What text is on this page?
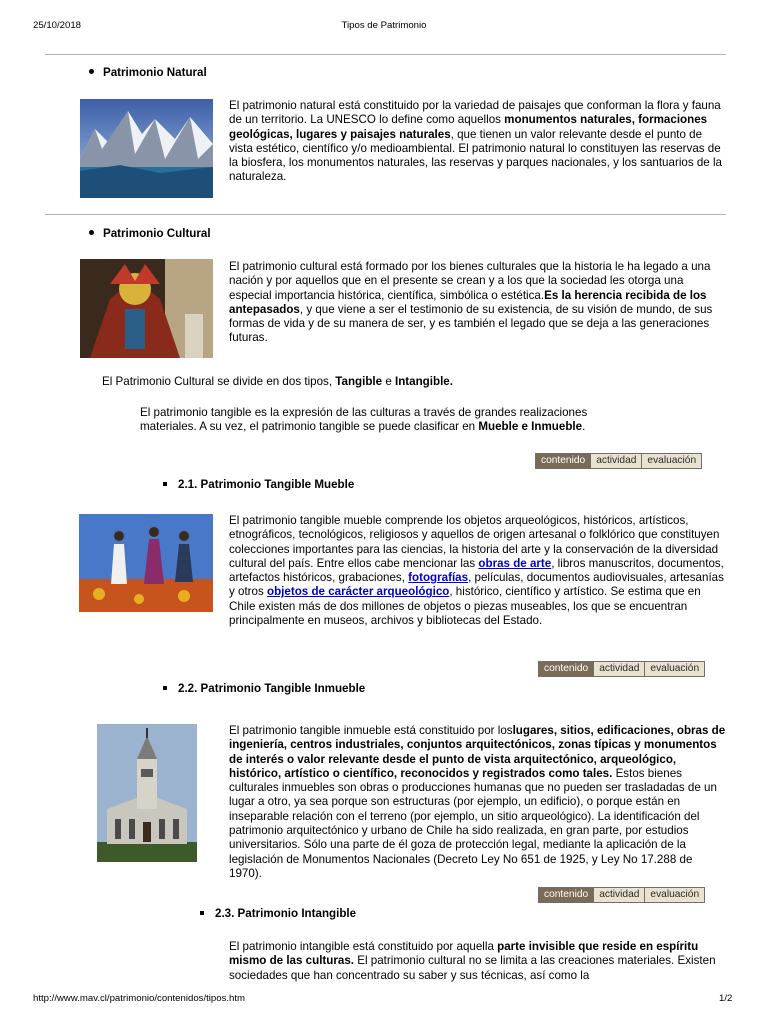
25/10/2018	Tipos de Patrimonio
Patrimonio Natural
El patrimonio natural está constituido por la variedad de paisajes que conforman la flora y fauna de un territorio. La UNESCO lo define como aquellos monumentos naturales, formaciones geológicas, lugares y paisajes naturales, que tienen un valor relevante desde el punto de vista estético, científico y/o medioambiental. El patrimonio natural lo constituyen las reservas de la biosfera, los monumentos naturales, las reservas y parques nacionales, y los santuarios de la naturaleza.
Patrimonio Cultural
El patrimonio cultural está formado por los bienes culturales que la historia le ha legado a una nación y por aquellos que en el presente se crean y a los que la sociedad les otorga una especial importancia histórica, científica, simbólica o estética.Es la herencia recibida de los antepasados, y que viene a ser el testimonio de su existencia, de su visión de mundo, de sus formas de vida y de su manera de ser, y es también el legado que se deja a las generaciones futuras.
El Patrimonio Cultural se divide en dos tipos, Tangible e Intangible.
El patrimonio tangible es la expresión de las culturas a través de grandes realizaciones materiales. A su vez, el patrimonio tangible se puede clasificar en Mueble e Inmueble.
contenido	actividad	evaluación
2.1. Patrimonio Tangible Mueble
El patrimonio tangible mueble comprende los objetos arqueológicos, históricos, artísticos, etnográficos, tecnológicos, religiosos y aquellos de origen artesanal o folklórico que constituyen colecciones importantes para las ciencias, la historia del arte y la conservación de la diversidad cultural del país. Entre ellos cabe mencionar las obras de arte, libros manuscritos, documentos, artefactos históricos, grabaciones, fotografías, películas, documentos audiovisuales, artesanías y otros objetos de carácter arqueológico, histórico, científico y artístico. Se estima que en Chile existen más de dos millones de objetos o piezas museables, los que se encuentran principalmente en museos, archivos y bibliotecas del Estado.
contenido	actividad	evaluación
2.2. Patrimonio Tangible Inmueble
El patrimonio tangible inmueble está constituido por loslugares, sitios, edificaciones, obras de ingeniería, centros industriales, conjuntos arquitectónicos, zonas típicas y monumentos de interés o valor relevante desde el punto de vista arquitectónico, arqueológico, histórico, artístico o científico, reconocidos y registrados como tales. Estos bienes culturales inmuebles son obras o producciones humanas que no pueden ser trasladadas de un lugar a otro, ya sea porque son estructuras (por ejemplo, un edificio), o porque están en inseparable relación con el terreno (por ejemplo, un sitio arqueológico). La identificación del patrimonio arquitectónico y urbano de Chile ha sido realizada, en gran parte, por estudios universitarios. Sólo una parte de él goza de protección legal, mediante la aplicación de la legislación de Monumentos Nacionales (Decreto Ley No 651 de 1925, y Ley No 17.288 de 1970).
contenido	actividad	evaluación
2.3. Patrimonio Intangible
El patrimonio intangible está constituido por aquella parte invisible que reside en espíritu mismo de las culturas. El patrimonio cultural no se limita a las creaciones materiales. Existen sociedades que han concentrado su saber y sus técnicas, así como la
http://www.mav.cl/patrimonio/contenidos/tipos.htm	1/2
